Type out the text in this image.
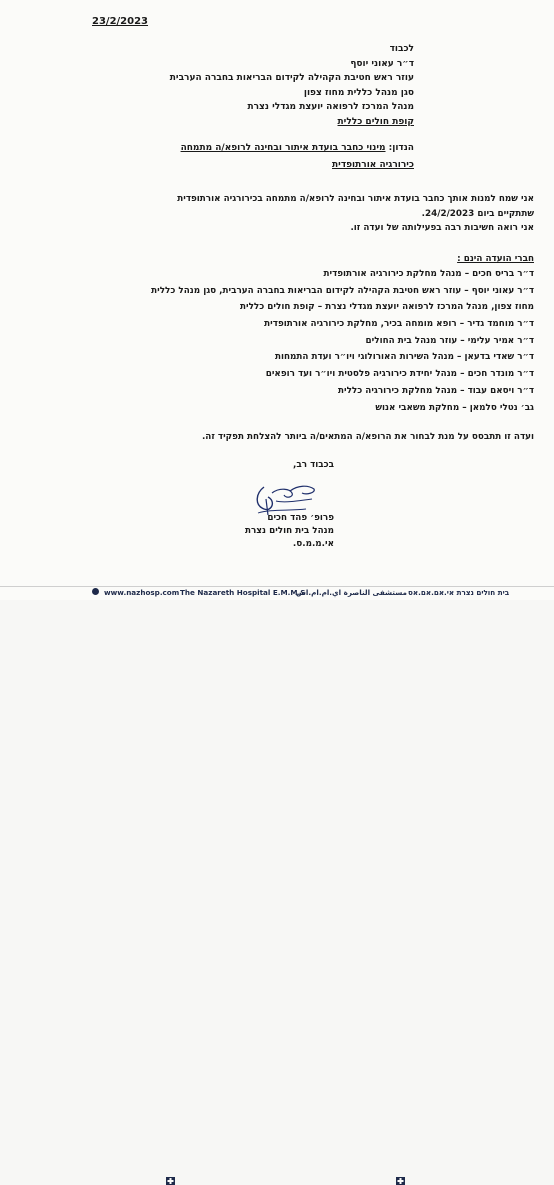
23/2/2023
לכבוד
ד״ר עאוני יוסף
עוזר ראש חטיבת הקהילה לקידום הבריאות בחברה הערבית
סגן מנהל כללית מחוז צפון
מנהל המרכז לרפואה יועצת מגדלי נצרת
קופת חולים כללית
הנדון: מינוי כחבר בועדת איתור ובחינה לרופא/ה מתמחה
כירורגיה אורתופדית
אני שמח למנות אותך כחבר בועדת איתור ובחינה לרופא/ה מתמחה בכירורגיה אורתופדית
שתתקיים ביום 24/2/2023.
אני רואה חשיבות רבה בפעילותה של ועדה זו.
חברי הועדה הינם :
ד״ר בריס חכים – מנהל מחלקת כירורגיה אורתופדית
ד״ר עאוני יוסף – עוזר ראש חטיבת הקהילה לקידום הבריאות בחברה הערבית, סגן מנהל כללית
מחוז צפון, מנהל המרכז לרפואה יועצת מגדלי נצרת – קופת חולים כללית
ד״ר מוחמד גדיר – רופא מומחה בכיר, מחלקת כירורגיה אורתופדית
ד״ר אמיר עלימי – עוזר מנהל בית החולים
ד״ר שאדי בדעאן – מנהל השירות האורולוגי ויו״ר ועדת התמחות
ד״ר מונדר חכים – מנהל יחידת כירורגיה פלסטית ויו״ר ועד רופאים
ד״ר ויסאם עבוד – מנהל מחלקת כירורגיה כללית
גב׳ נטלי סלמאן – מחלקת משאבי אנוש
ועדה זו תתבסס על מנת לבחור את הרופא/ה המתאים/ה ביותר להצלחת תפקיד זה.
בכבוד רב,
פרופ׳ פהד חכים
מנהל בית חולים נצרת
אי.מ.מ.ס.
www.nazhosp.com The Nazareth Hospital E.M.M.S
مستشفى الناصرة اي.ام.ام.اس בית חולים נצרת אי.אם.אם.אס
